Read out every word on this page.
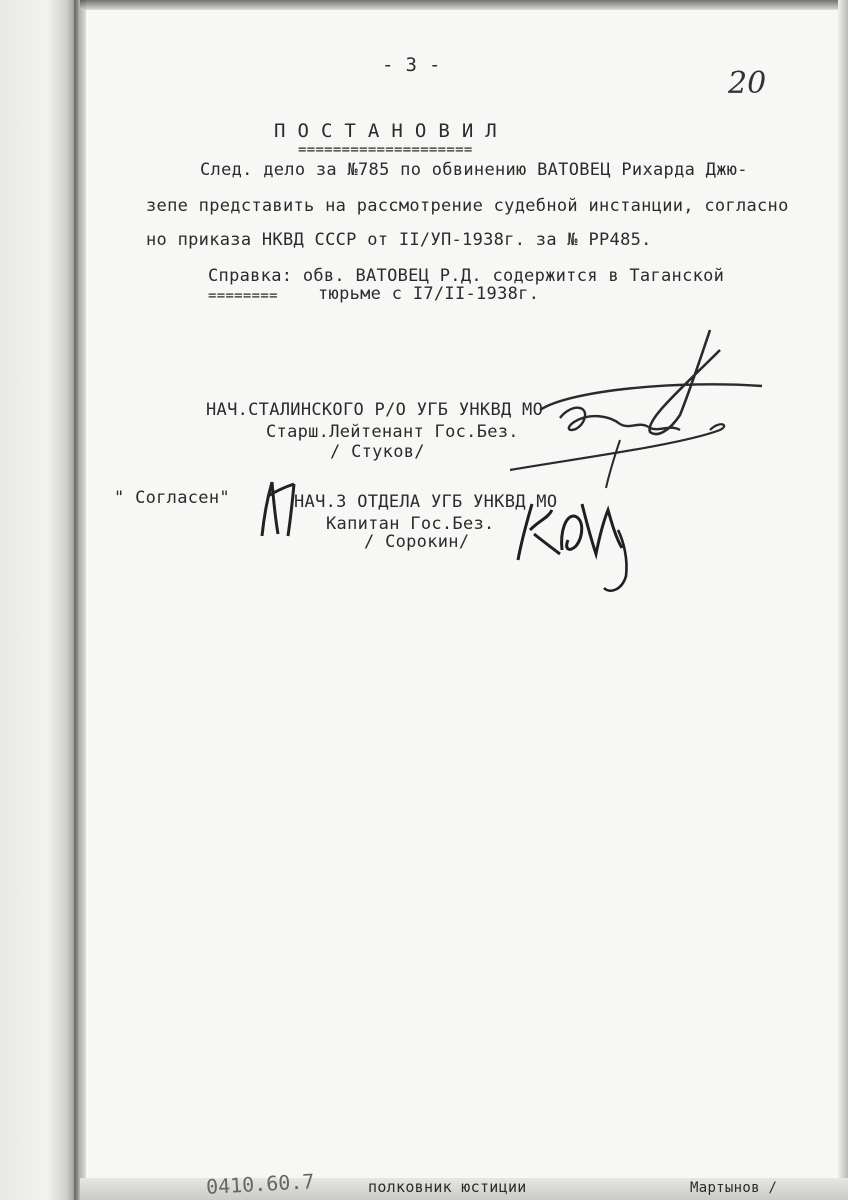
- 3 -
20
П О С Т А Н О В И Л
====================
След. дело за №785 по обвинению ВАТОВЕЦ Рихарда Джю-
зепе представить на рассмотрение судебной инстанции, согласно
но приказа НКВД СССР от II/УП-1938г. за № РР485.
Справка: обв. ВАТОВЕЦ Р.Д. содержится в Таганской
======== тюрьме с I7/II-1938г.
НАЧ.СТАЛИНСКОГО Р/О УГБ УНКВД МО
Старш.Лейтенант Гос.Без.
/ Стуков/
" Согласен"	НАЧ.3 ОТДЕЛА УГБ УНКВД МО
Капитан Гос.Без.
/ Сорокин/
0410.60.7	полковник юстиции	Мартынов /
